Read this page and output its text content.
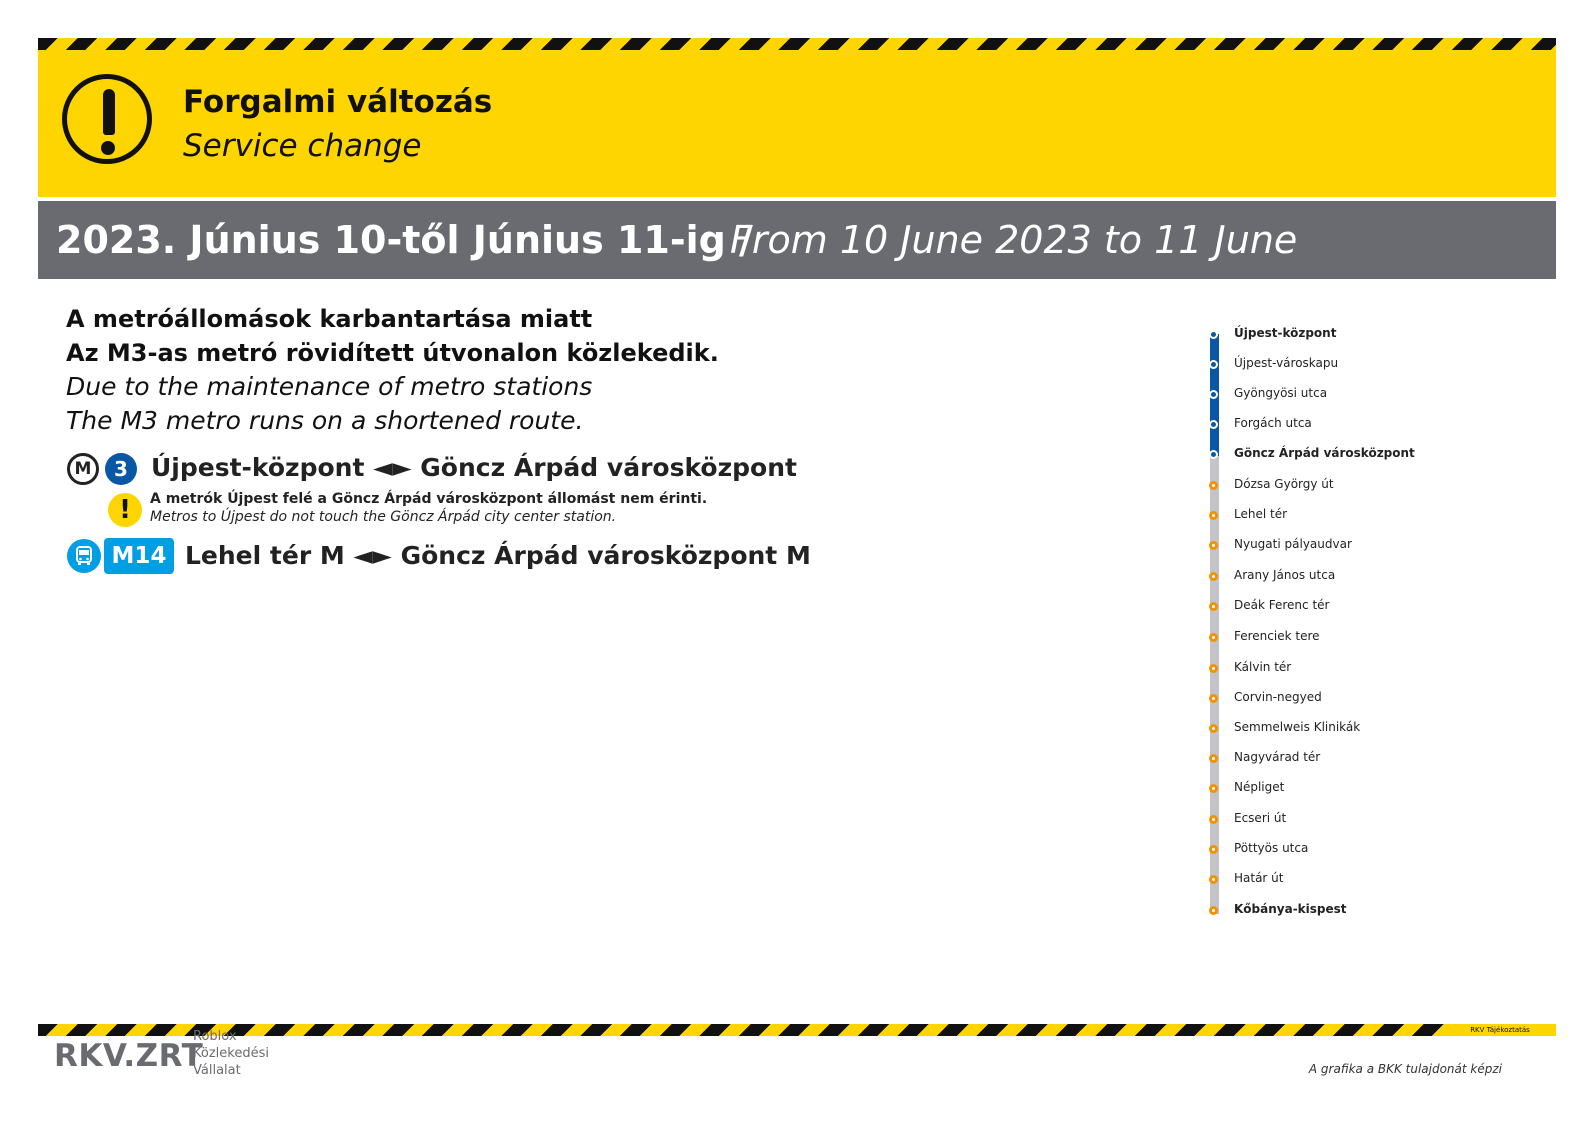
Forgalmi változás
Service change
2023. Június 10-től Június 11-ig /
From 10 June 2023 to 11 June
A metróállomások karbantartása miatt
Az M3-as metró rövidített útvonalon közlekedik.
Due to the maintenance of metro stations
The M3 metro runs on a shortened route.
M	3 Újpest-központ ◄► Göncz Árpád városközpont
!	A metrók Újpest felé a Göncz Árpád városközpont állomást nem érinti.
Metros to Újpest do not touch the Göncz Árpád city center station.
M14 Lehel tér M ◄► Göncz Árpád városközpont M
Újpest-központ
Újpest-városkapu
Gyöngyösi utca
Forgách utca
Göncz Árpád városközpont
Dózsa György út
Lehel tér
Nyugati pályaudvar
Arany János utca
Deák Ferenc tér
Ferenciek tere
Kálvin tér
Corvin-negyed
Semmelweis Klinikák
Nagyvárad tér
Népliget
Ecseri út
Pöttyös utca
Határ út
Kőbánya-kispest
RKV Tájékoztatás
RKV.ZRT
Roblox
Közlekedési
Vállalat	A grafika a BKK tulajdonát képzi
